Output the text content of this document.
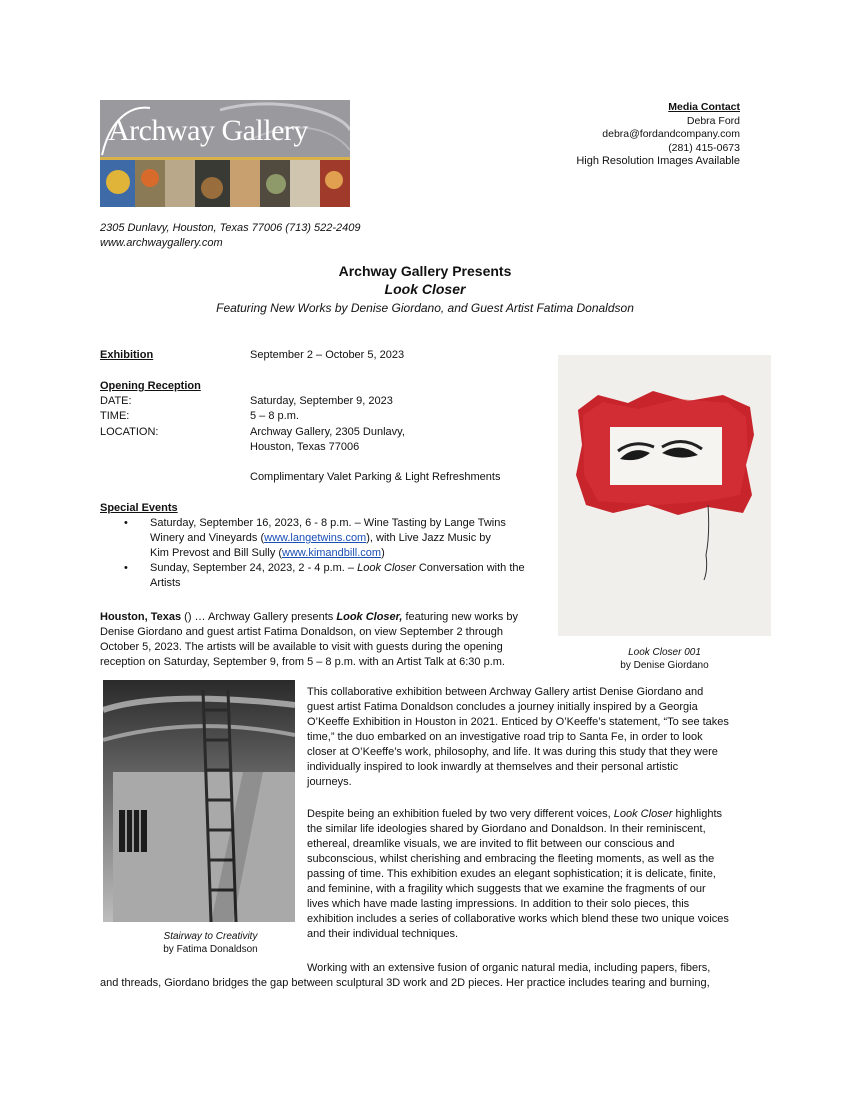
Archway Gallery
Media Contact
Debra Ford
debra@fordandcompany.com
(281) 415-0673
High Resolution Images Available
2305 Dunlavy, Houston, Texas 77006 (713) 522-2409
www.archwaygallery.com
Archway Gallery Presents
Look Closer
Featuring New Works by Denise Giordano, and Guest Artist Fatima Donaldson
Exhibition	September 2 – October 5, 2023
Opening Reception
DATE:	Saturday, September 9, 2023
TIME:	5 – 8 p.m.
LOCATION:	Archway Gallery, 2305 Dunlavy,
Houston, Texas 77006
Complimentary Valet Parking & Light Refreshments
Special Events
• Saturday, September 16, 2023, 6 - 8 p.m. – Wine Tasting by Lange Twins
Winery and Vineyards (www.langetwins.com), with Live Jazz Music by
Kim Prevost and Bill Sully (www.kimandbill.com)
• Sunday, September 24, 2023, 2 - 4 p.m. – Look Closer Conversation with the
Artists
Houston, Texas () … Archway Gallery presents Look Closer, featuring new works by
Denise Giordano and guest artist Fatima Donaldson, on view September 2 through
October 5, 2023. The artists will be available to visit with guests during the opening
reception on Saturday, September 9, from 5 – 8 p.m. with an Artist Talk at 6:30 p.m.
Look Closer 001
by Denise Giordano
Stairway to Creativity
by Fatima Donaldson
This collaborative exhibition between Archway Gallery artist Denise Giordano and
guest artist Fatima Donaldson concludes a journey initially inspired by a Georgia
O’Keeffe Exhibition in Houston in 2021. Enticed by O’Keeffe’s statement, “To see takes
time,” the duo embarked on an investigative road trip to Santa Fe, in order to look
closer at O’Keeffe’s work, philosophy, and life. It was during this study that they were
individually inspired to look inwardly at themselves and their personal artistic
journeys.
Despite being an exhibition fueled by two very different voices, Look Closer highlights
the similar life ideologies shared by Giordano and Donaldson. In their reminiscent,
ethereal, dreamlike visuals, we are invited to flit between our conscious and
subconscious, whilst cherishing and embracing the fleeting moments, as well as the
passing of time. This exhibition exudes an elegant sophistication; it is delicate, finite,
and feminine, with a fragility which suggests that we examine the fragments of our
lives which have made lasting impressions. In addition to their solo pieces, this
exhibition includes a series of collaborative works which blend these two unique voices
and their individual techniques.
Working with an extensive fusion of organic natural media, including papers, fibers,
and threads, Giordano bridges the gap between sculptural 3D work and 2D pieces. Her practice includes tearing and burning,
